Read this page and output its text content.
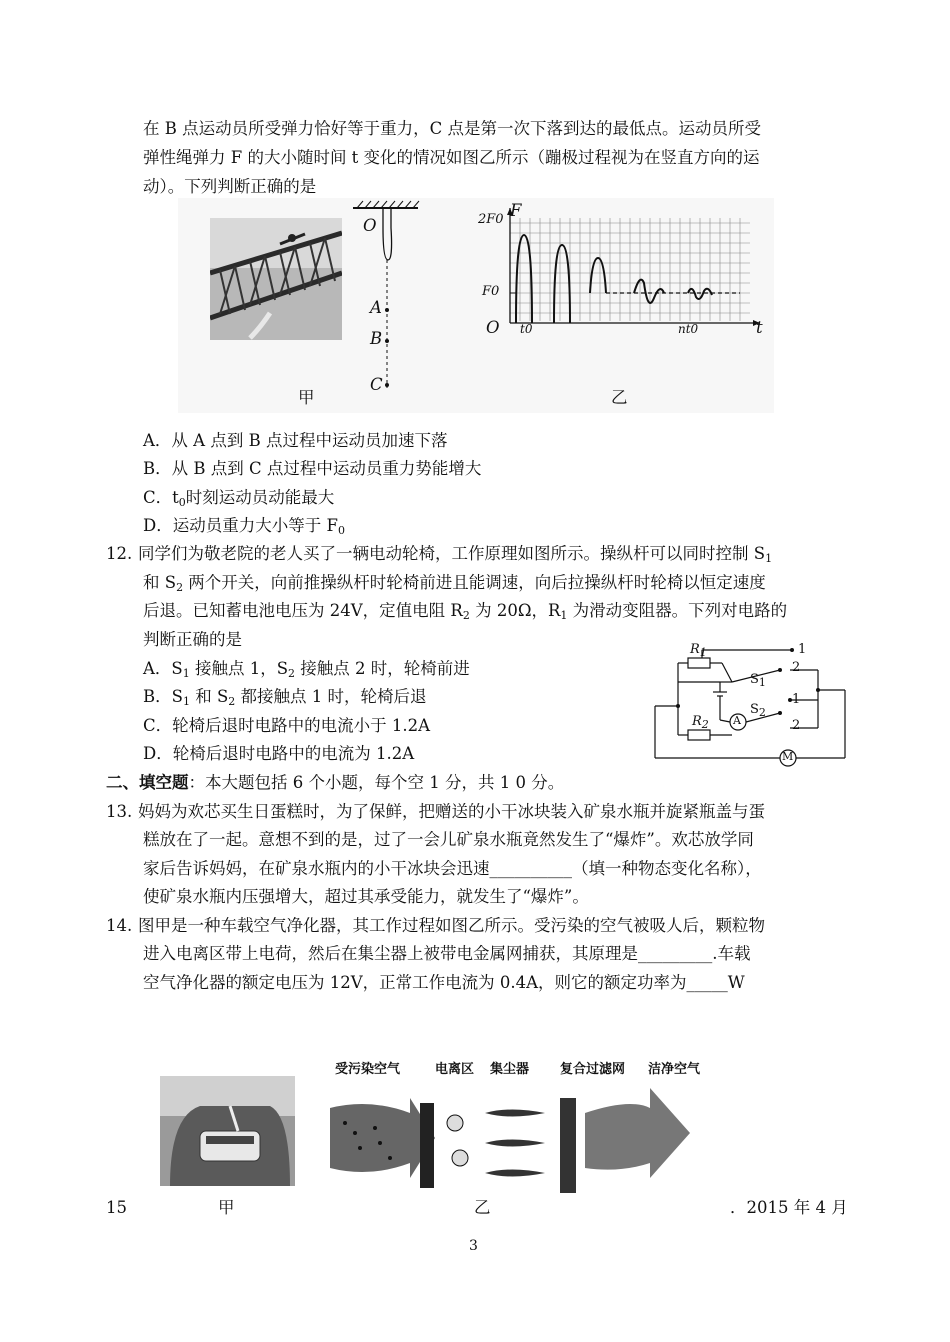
在 B 点运动员所受弹力恰好等于重力，C 点是第一次下落到达的最低点。运动员所受
弹性绳弹力 F 的大小随时间 t 变化的情况如图乙所示（蹦极过程视为在竖直方向的运
动）。下列判断正确的是
O
A
B
C
甲
2F0 F
F0
O t0	nt0	t
乙
A．从 A 点到 B 点过程中运动员加速下落
B．从 B 点到 C 点过程中运动员重力势能增大
C．$t_0$时刻运动员动能最大
D．运动员重力大小等于 $F_0$
12. 同学们为敬老院的老人买了一辆电动轮椅，工作原理如图所示。操纵杆可以同时控制 $S_1$
和 $S_2$ 两个开关，向前推操纵杆时轮椅前进且能调速，向后拉操纵杆时轮椅以恒定速度
后退。已知蓄电池电压为 24V，定值电阻 $R_2$ 为 20Ω，$R_1$ 为滑动变阻器。下列对电路的
判断正确的是
A．$S_1$ 接触点 1，$S_2$ 接触点 2 时，轮椅前进
B．$S_1$ 和 $S_2$ 都接触点 1 时，轮椅后退
C．轮椅后退时电路中的电流小于 1.2A
D．轮椅后退时电路中的电流为 1.2A
$R_1$
$R_2$
$S_1$
$S_2$
1
2
1
2
A
M
二、填空题：本大题包括 6 个小题，每个空 1 分，共 1 0 分。
13. 妈妈为欢芯买生日蛋糕时，为了保鲜，把赠送的小干冰块装入矿泉水瓶并旋紧瓶盖与蛋
糕放在了一起。意想不到的是，过了一会儿矿泉水瓶竟然发生了“爆炸”。欢芯放学同
家后告诉妈妈，在矿泉水瓶内的小干冰块会迅速__________（填一种物态变化名称），
使矿泉水瓶内压强增大，超过其承受能力，就发生了“爆炸”。
14. 图甲是一种车载空气净化器，其工作过程如图乙所示。受污染的空气被吸人后，颗粒物
进入电离区带上电荷，然后在集尘器上被带电金属网捕获，其原理是_________.车载
空气净化器的额定电压为 12V，正常工作电流为 0.4A，则它的额定功率为_____W
受污染空气	电离区 集尘器 复合过滤网 洁净空气
15	甲	乙	．2015 年 4 月
3
